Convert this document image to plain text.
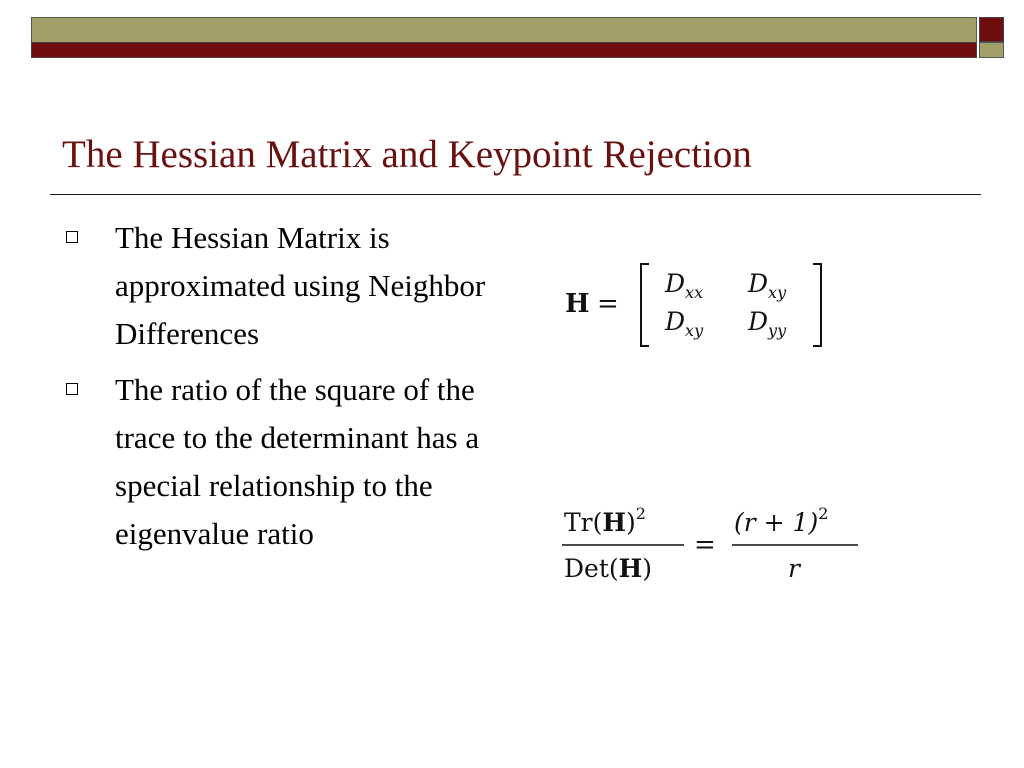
The Hessian Matrix and Keypoint Rejection
The Hessian Matrix is approximated using Neighbor Differences
The ratio of the square of the trace to the determinant has a special relationship to the eigenvalue ratio
H =
$D_{xx}$ $D_{xy}$
$D_{xy}$ $D_{yy}$
$Tr(H)^2$
Det(H)
=
$(r + 1)^2$
r
